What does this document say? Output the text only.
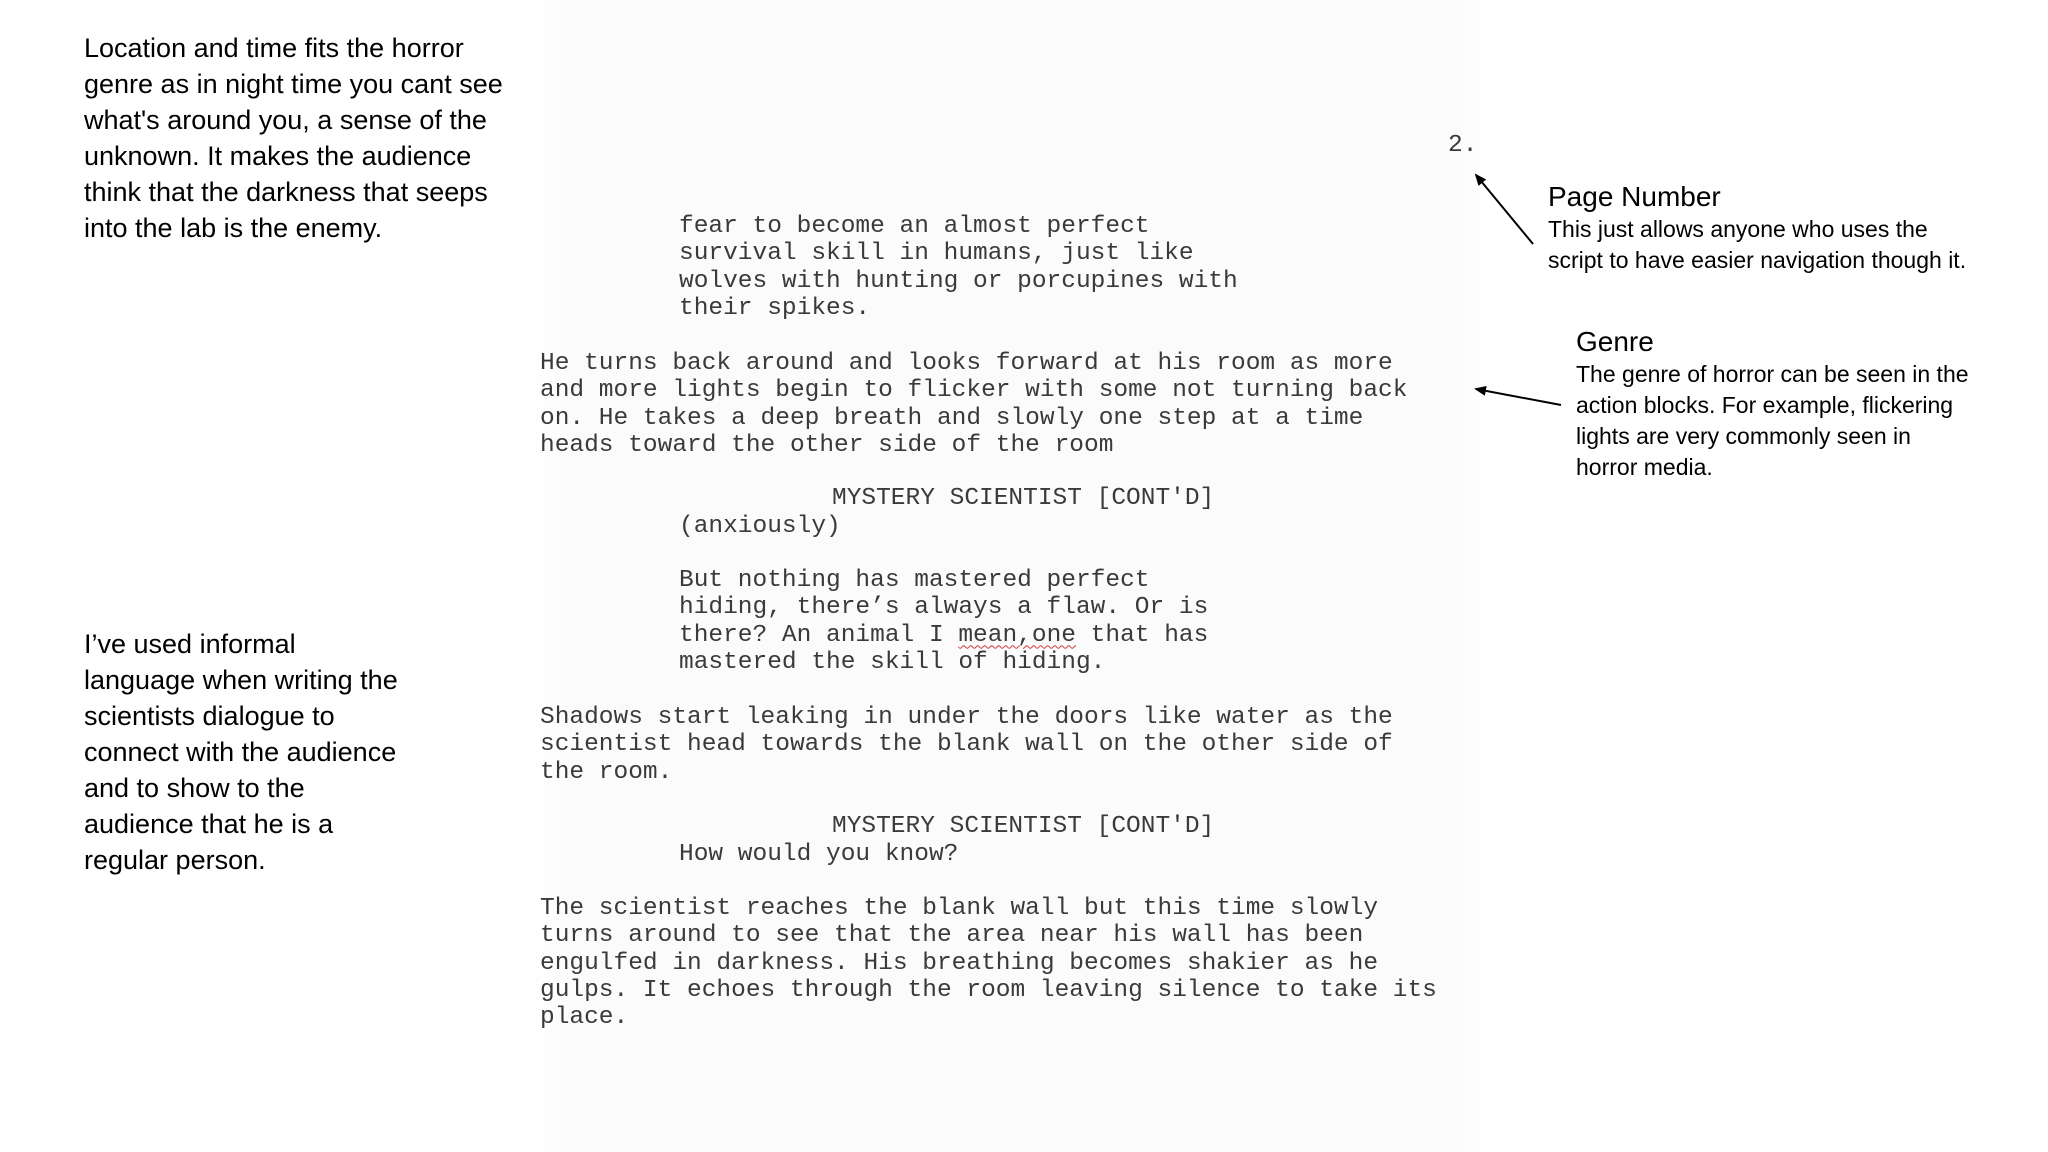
Location and time fits the horror genre as in night time you cant see what's around you, a sense of the unknown. It makes the audience think that the darkness that seeps into the lab is the enemy.

I’ve used informal language when writing the scientists dialogue to connect with the audience and to show to the audience that he is a regular person.

Page Number
This just allows anyone who uses the script to have easier navigation though it.
Genre
The genre of horror can be seen in the action blocks. For example, flickering lights are very commonly seen in horror media.
2.
fear to become an almost perfect
survival skill in humans, just like
wolves with hunting or porcupines with
their spikes.
He turns back around and looks forward at his room as more
and more lights begin to flicker with some not turning back
on. He takes a deep breath and slowly one step at a time
heads toward the other side of the room
MYSTERY SCIENTIST [CONT'D]
(anxiously)
But nothing has mastered perfect
hiding, there’s always a flaw. Or is
there? An animal I mean,one that has
mastered the skill of hiding.
Shadows start leaking in under the doors like water as the
scientist head towards the blank wall on the other side of
the room.
MYSTERY SCIENTIST [CONT'D]
How would you know?
The scientist reaches the blank wall but this time slowly
turns around to see that the area near his wall has been
engulfed in darkness. His breathing becomes shakier as he
gulps. It echoes through the room leaving silence to take its
place.
